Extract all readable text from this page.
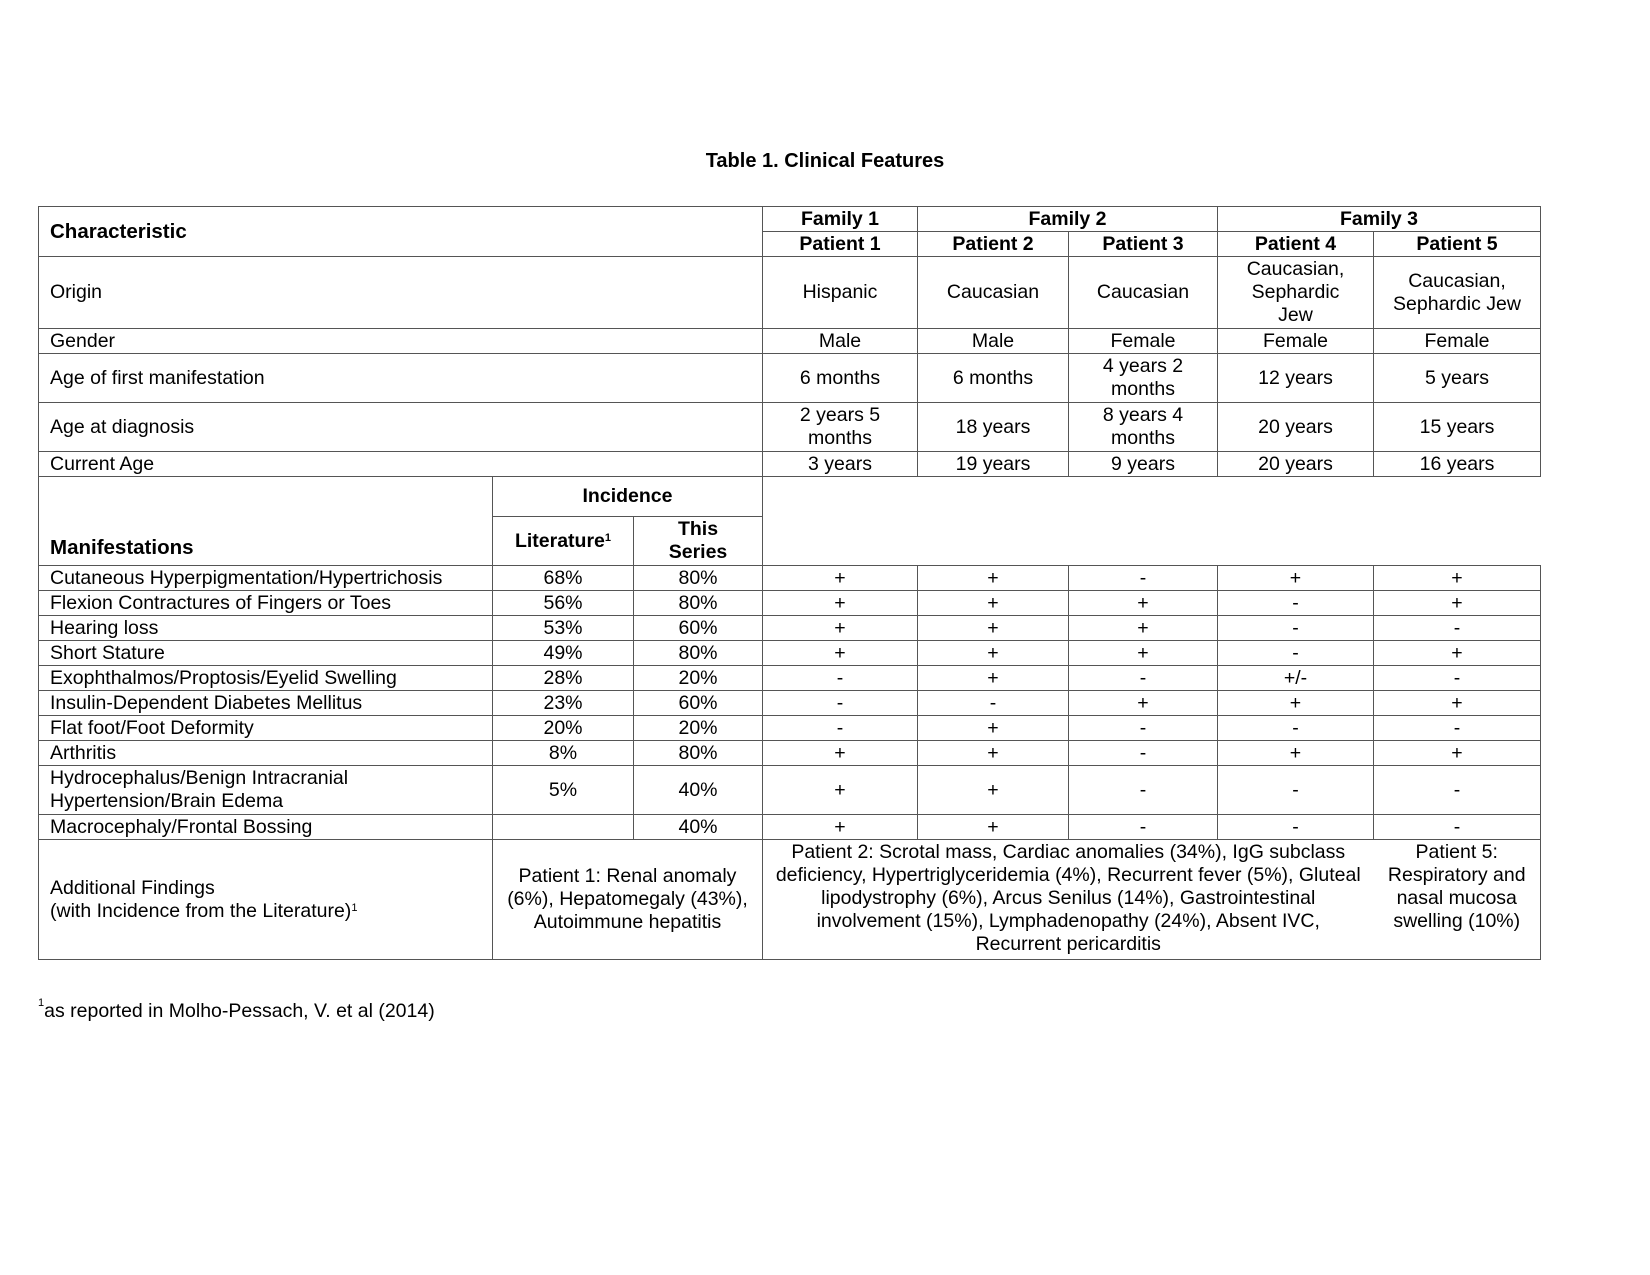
Table 1. Clinical Features
Characteristic			Family 1	Family 2		Family 3	
			Patient 1	Patient 2	Patient 3	Patient 4	Patient 5
Origin			Hispanic	Caucasian	Caucasian	Caucasian, Sephardic Jew	Caucasian, Sephardic Jew
Gender			Male	Male	Female	Female	Female
Age of first manifestation			6 months	6 months	4 years 2 months	12 years	5 years
Age at diagnosis			2 years 5 months	18 years	8 years 4 months	20 years	15 years
Current Age			3 years	19 years	9 years	20 years	16 years
Manifestations	Incidence						
	Literature$^1$	This Series					
Cutaneous Hyperpigmentation/Hypertrichosis	68%	80%	+	+	-	+	+
Flexion Contractures of Fingers or Toes	56%	80%	+	+	+	-	+
Hearing loss	53%	60%	+	+	+	-	-
Short Stature	49%	80%	+	+	+	-	+
Exophthalmos/Proptosis/Eyelid Swelling	28%	20%	-	+	-	+/-	-
Insulin-Dependent Diabetes Mellitus	23%	60%	-	-	+	+	+
Flat foot/Foot Deformity	20%	20%	-	+	-	-	-
Arthritis	8%	80%	+	+	-	+	+
Hydrocephalus/Benign Intracranial Hypertension/Brain Edema	5%	40%	+	+	-	-	-
Macrocephaly/Frontal Bossing		40%	+	+	-	-	-

Additional Findings
(with Incidence from the Literature)$^1$	Patient 1: Renal anomaly (6%), Hepatomegaly (43%), Autoimmune hepatitis		Patient 2: Scrotal mass, Cardiac anomalies (34%), IgG subclass deficiency, Hypertriglyceridemia (4%), Recurrent fever (5%), Gluteal lipodystrophy (6%), Arcus Senilus (14%), Gastrointestinal involvement (15%), Lymphadenopathy (24%), Absent IVC, Recurrent pericarditis				Patient 5: Respiratory and nasal mucosa swelling (10%)
$^1$as reported in Molho-Pessach, V. et al (2014)
